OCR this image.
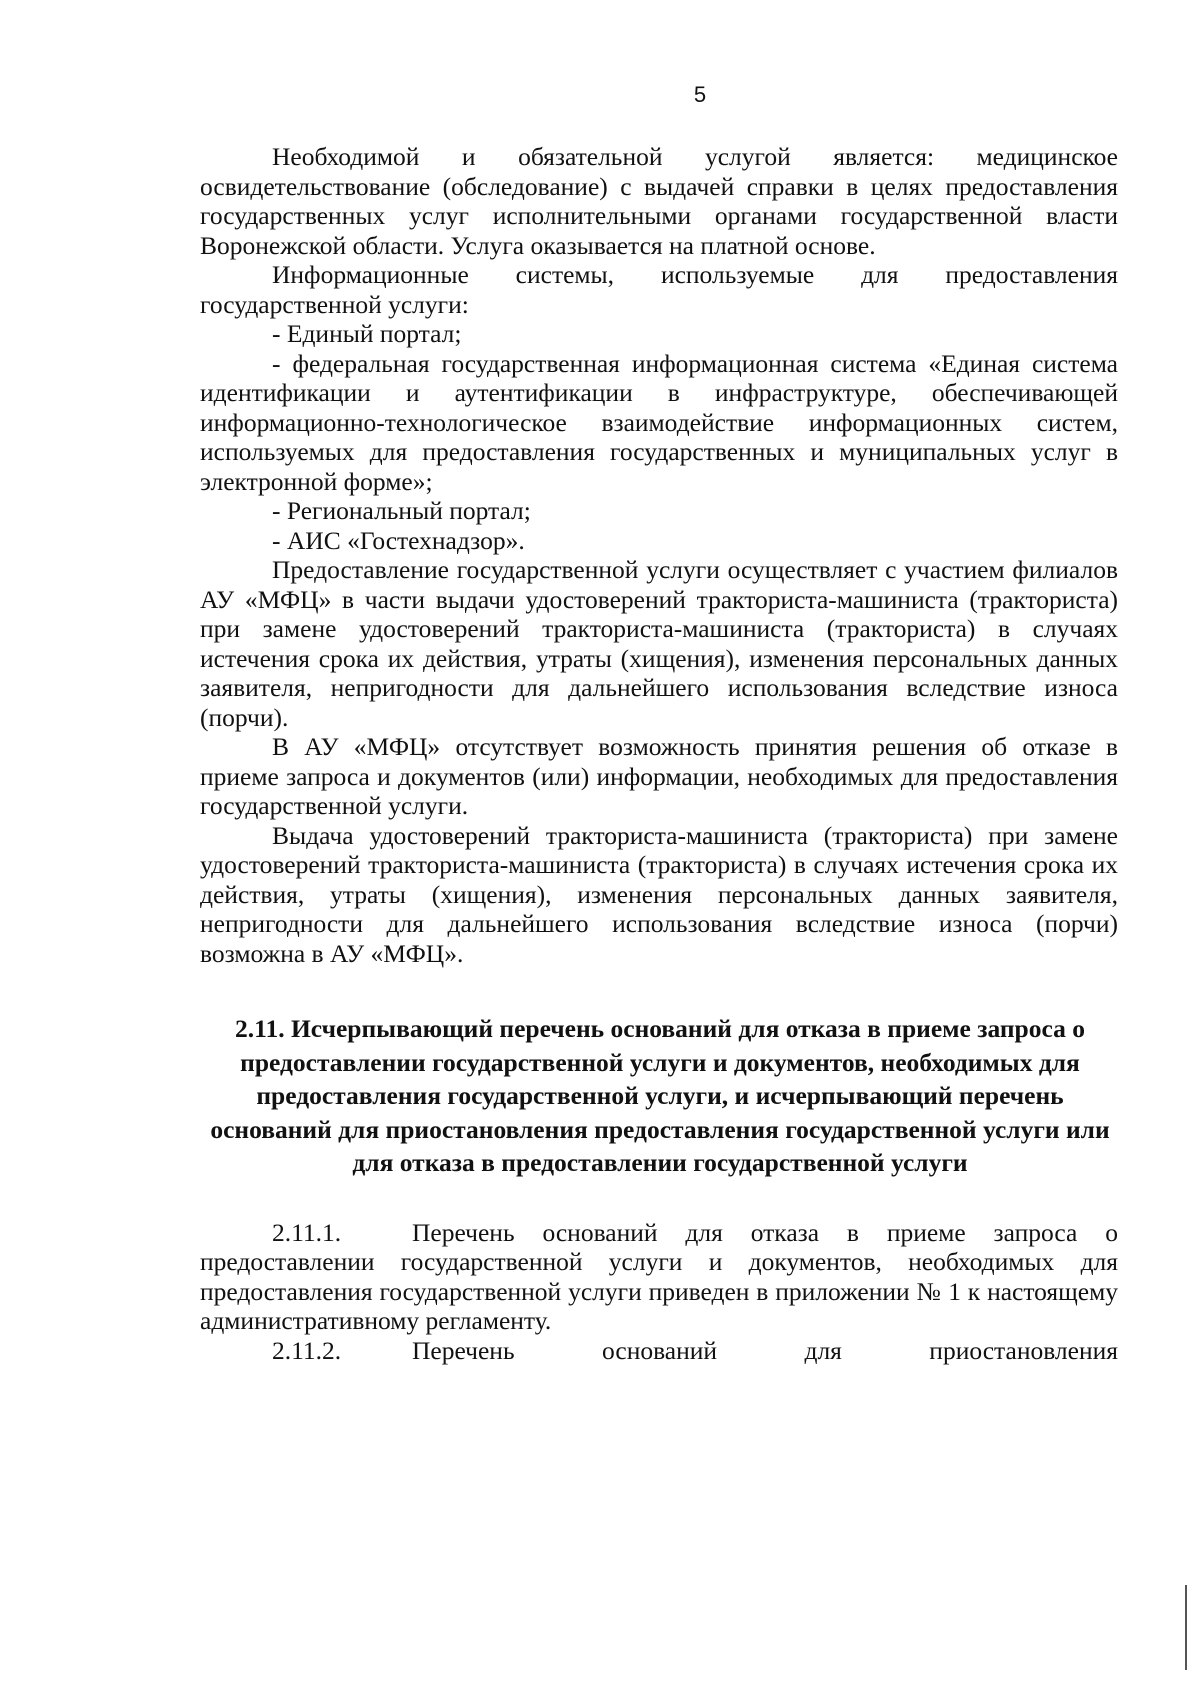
5

Необходимой и обязательной услугой является: медицинское освидетельствование (обследование) с выдачей справки в целях предоставления государственных услуг исполнительными органами государственной власти Воронежской области. Услуга оказывается на платной основе.

Информационные системы, используемые для предоставления государственной услуги:

- Единый портал;

- федеральная государственная информационная система «Единая система идентификации и аутентификации в инфраструктуре, обеспечивающей информационно-технологическое взаимодействие информационных систем, используемых для предоставления государственных и муниципальных услуг в электронной форме»;

- Региональный портал;

- АИС «Гостехнадзор».

Предоставление государственной услуги осуществляет с участием филиалов АУ «МФЦ» в части выдачи удостоверений тракториста-машиниста (тракториста) при замене удостоверений тракториста-машиниста (тракториста) в случаях истечения срока их действия, утраты (хищения), изменения персональных данных заявителя, непригодности для дальнейшего использования вследствие износа (порчи).

В АУ «МФЦ» отсутствует возможность принятия решения об отказе в приеме запроса и документов (или) информации, необходимых для предоставления государственной услуги.

Выдача удостоверений тракториста-машиниста (тракториста) при замене удостоверений тракториста-машиниста (тракториста) в случаях истечения срока их действия, утраты (хищения), изменения персональных данных заявителя, непригодности для дальнейшего использования вследствие износа (порчи) возможна в АУ «МФЦ».

2.11. Исчерпывающий перечень оснований для отказа в приеме запроса о предоставлении государственной услуги и документов, необходимых для предоставления государственной услуги, и исчерпывающий перечень оснований для приостановления предоставления государственной услуги или для отказа в предоставлении государственной услуги

2.11.1.	Перечень оснований для отказа в приеме запроса о предоставлении государственной услуги и документов, необходимых для предоставления государственной услуги приведен в приложении № 1 к настоящему административному регламенту.

2.11.2.	Перечень оснований для приостановления
